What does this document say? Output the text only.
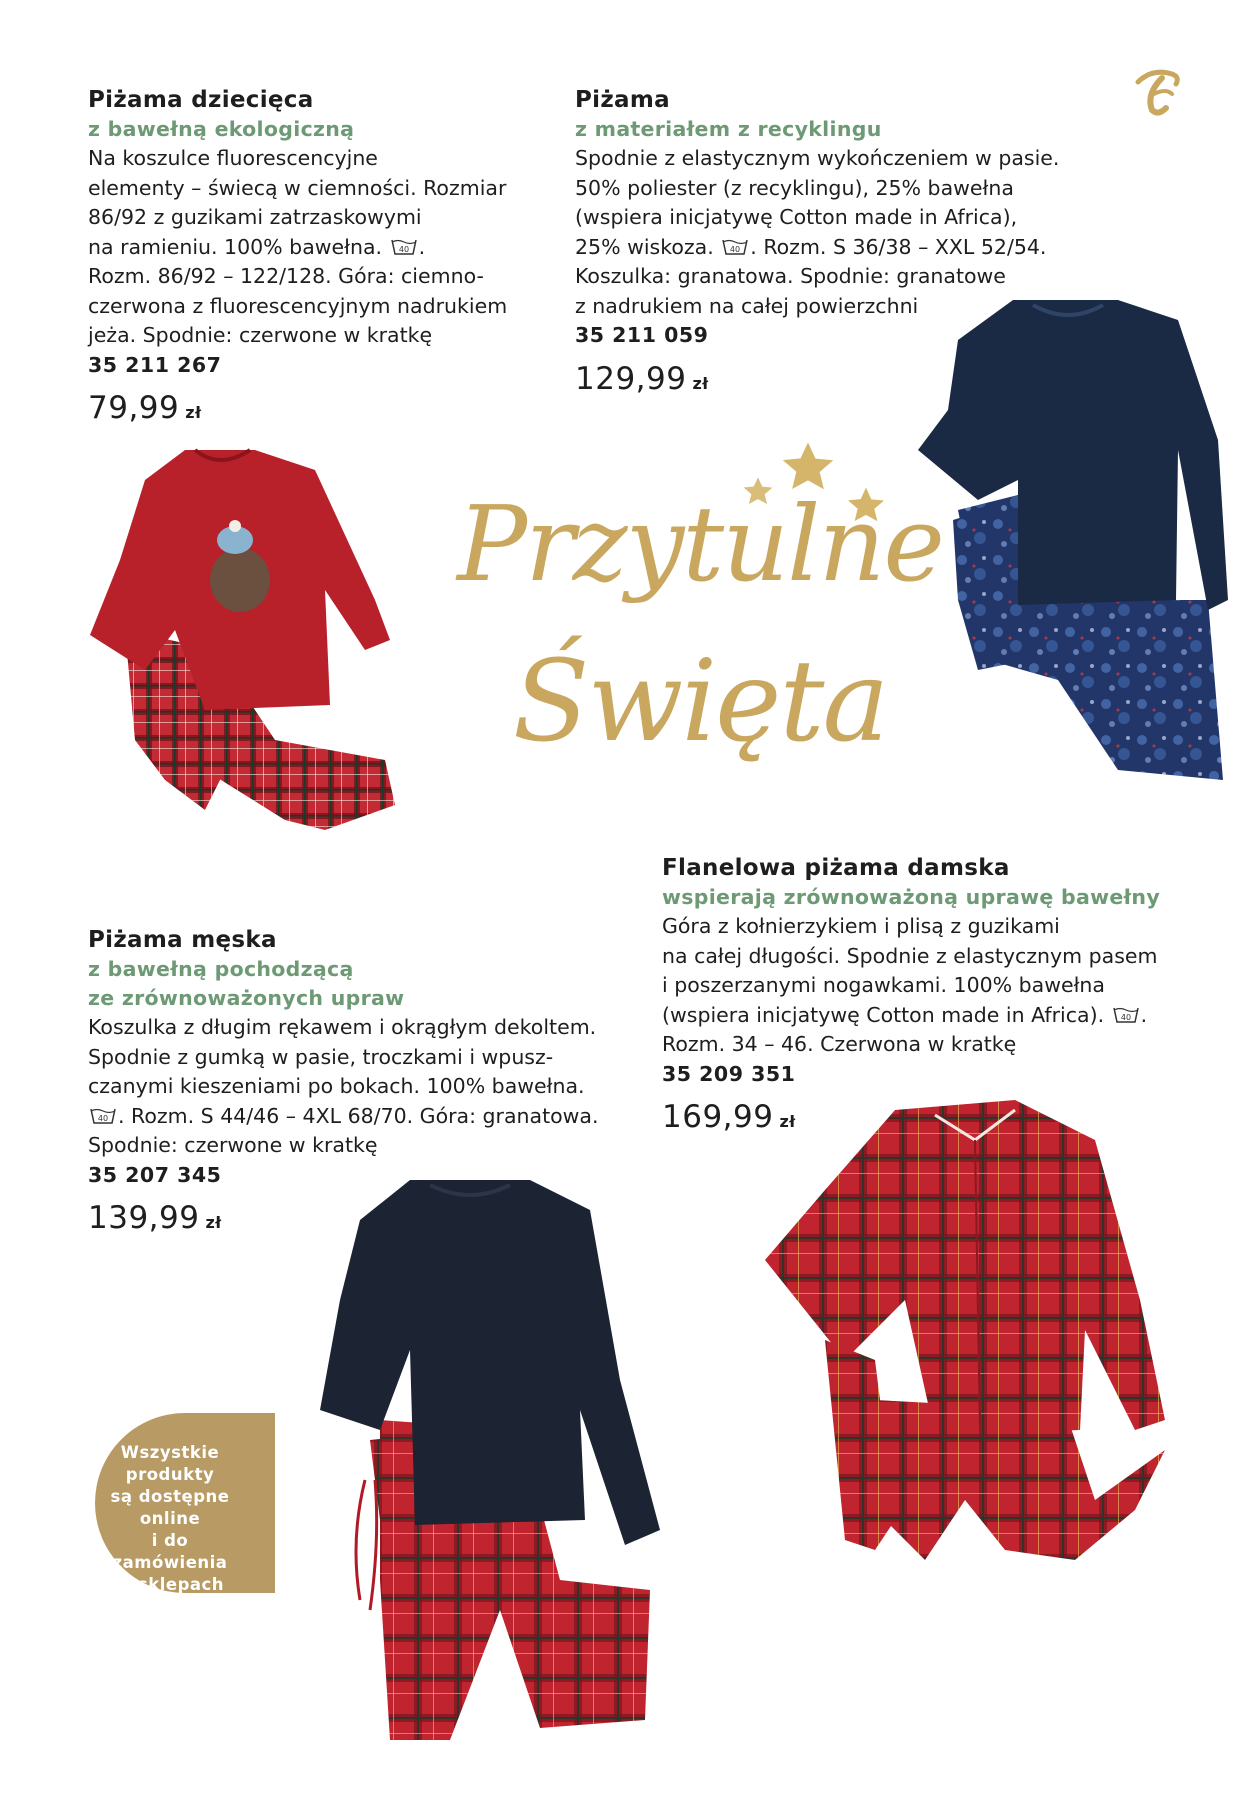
Piżama dziecięca
z bawełną ekologiczną

Na koszulce fluorescencyjne
elementy – świecą w ciemności. Rozmiar
86/92 z guzikami zatrzaskowymi
na ramieniu. 100% bawełna. 40 .
Rozm. 86/92 – 122/128. Góra: ciemno-
czerwona z fluorescencyjnym nadrukiem
jeża. Spodnie: czerwone w kratkę

35 211 267

79,99 zł
Piżama
z materiałem z recyklingu

Spodnie z elastycznym wykończeniem w pasie.
50% poliester (z recyklingu), 25% bawełna
(wspiera inicjatywę Cotton made in Africa),
25% wiskoza. 40 . Rozm. S 36/38 – XXL 52/54.
Koszulka: granatowa. Spodnie: granatowe
z nadrukiem na całej powierzchni

35 211 059

129,99 zł
Przytulne
Święta
Flanelowa piżama damska
wspierają zrównoważoną uprawę bawełny

Góra z kołnierzykiem i plisą z guzikami
na całej długości. Spodnie z elastycznym pasem
i poszerzanymi nogawkami. 100% bawełna
(wspiera inicjatywę Cotton made in Africa). 40 .
Rozm. 34 – 46. Czerwona w kratkę

35 209 351

169,99 zł
Piżama męska
z bawełną pochodzącą
ze zrównoważonych upraw

Koszulka z długim rękawem i okrągłym dekoltem.
Spodnie z gumką w pasie, troczkami i wpusz-
czanymi kieszeniami po bokach. 100% bawełna.

40 . Rozm. S 44/46 – 4XL 68/70. Góra: granatowa.
Spodnie: czerwone w kratkę

35 207 345

139,99 zł
Wszystkie
produkty
są dostępne online
i do zamówienia
w sklepach
stacjonarnych
